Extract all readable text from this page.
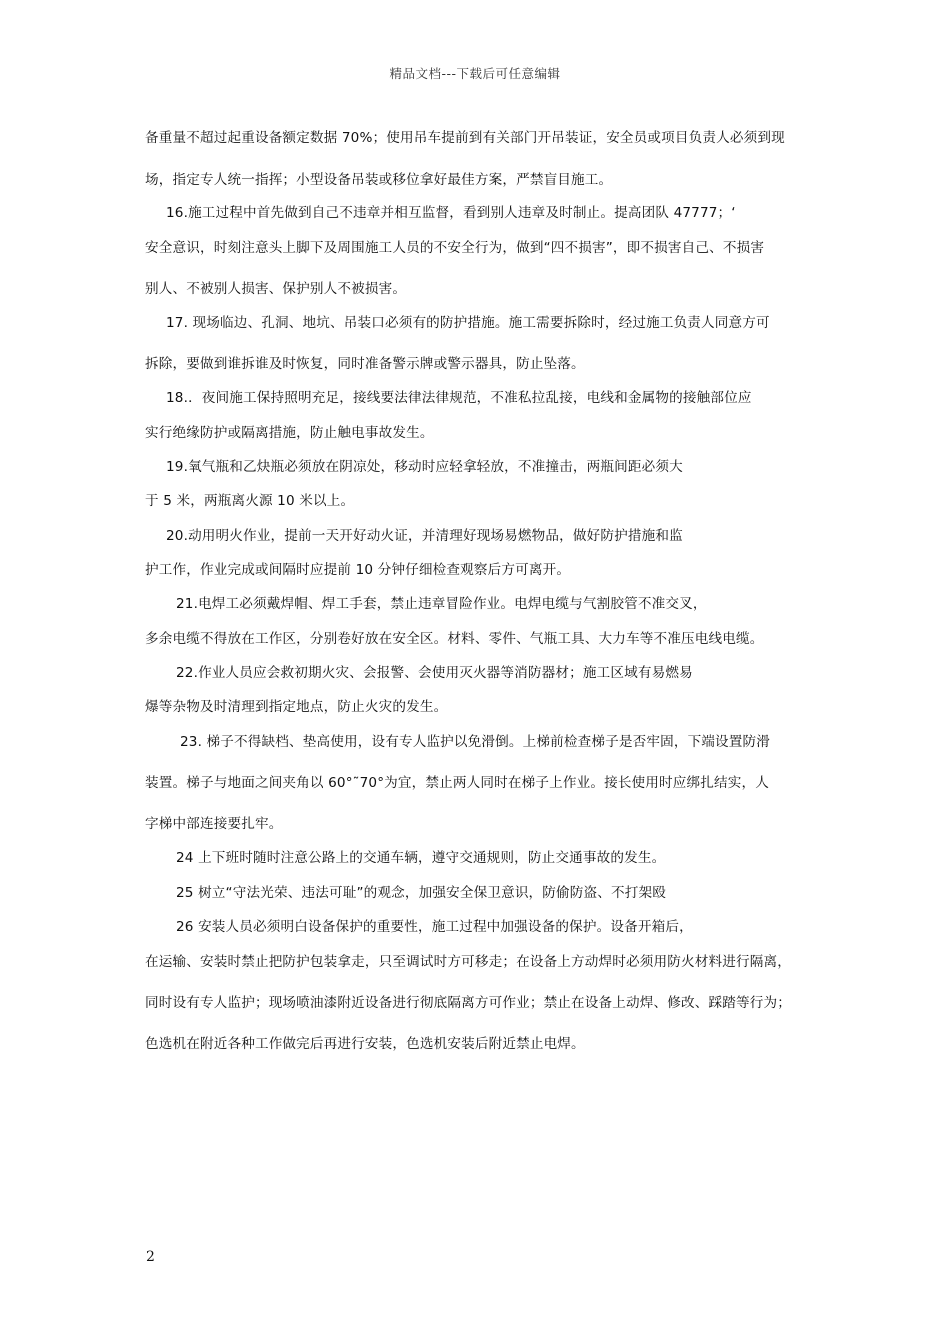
精品文档---下载后可任意编辑
备重量不超过起重设备额定数据 70%；使用吊车提前到有关部门开吊装证，安全员或项目负责人必须到现
场，指定专人统一指挥；小型设备吊装或移位拿好最佳方案，严禁盲目施工。
16.施工过程中首先做到自己不违章并相互监督，看到别人违章及时制止。提高团队 47777；‘
安全意识，时刻注意头上脚下及周围施工人员的不安全行为，做到“四不损害”，即不损害自己、不损害
别人、不被别人损害、保护别人不被损害。
17. 现场临边、孔洞、地坑、吊装口必须有的防护措施。施工需要拆除时，经过施工负责人同意方可
拆除，要做到谁拆谁及时恢复，同时准备警示牌或警示器具，防止坠落。
18.．夜间施工保持照明充足，接线要法律法律规范，不准私拉乱接，电线和金属物的接触部位应
实行绝缘防护或隔离措施，防止触电事故发生。
19.氧气瓶和乙炔瓶必须放在阴凉处，移动时应轻拿轻放，不准撞击，两瓶间距必须大
于 5 米，两瓶离火源 10 米以上。
20.动用明火作业，提前一天开好动火证，并清理好现场易燃物品，做好防护措施和监
护工作，作业完成或间隔时应提前 10 分钟仔细检查观察后方可离开。
21.电焊工必须戴焊帽、焊工手套，禁止违章冒险作业。电焊电缆与气割胶管不准交叉，
多余电缆不得放在工作区，分别卷好放在安全区。材料、零件、气瓶工具、大力车等不准压电线电缆。
22.作业人员应会救初期火灾、会报警、会使用灭火器等消防器材；施工区域有易燃易
爆等杂物及时清理到指定地点，防止火灾的发生。
23. 梯子不得缺档、垫高使用，设有专人监护以免滑倒。上梯前检查梯子是否牢固，下端设置防滑
装置。梯子与地面之间夹角以 60°˜70°为宜，禁止两人同时在梯子上作业。接长使用时应绑扎结实，人
字梯中部连接要扎牢。
24 上下班时随时注意公路上的交通车辆，遵守交通规则，防止交通事故的发生。
25 树立“守法光荣、违法可耻”的观念，加强安全保卫意识，防偷防盗、不打架殴
26 安装人员必须明白设备保护的重要性，施工过程中加强设备的保护。设备开箱后，
在运输、安装时禁止把防护包装拿走，只至调试时方可移走；在设备上方动焊时必须用防火材料进行隔离，
同时设有专人监护；现场喷油漆附近设备进行彻底隔离方可作业；禁止在设备上动焊、修改、踩踏等行为；
色选机在附近各种工作做完后再进行安装，色选机安装后附近禁止电焊。
2
